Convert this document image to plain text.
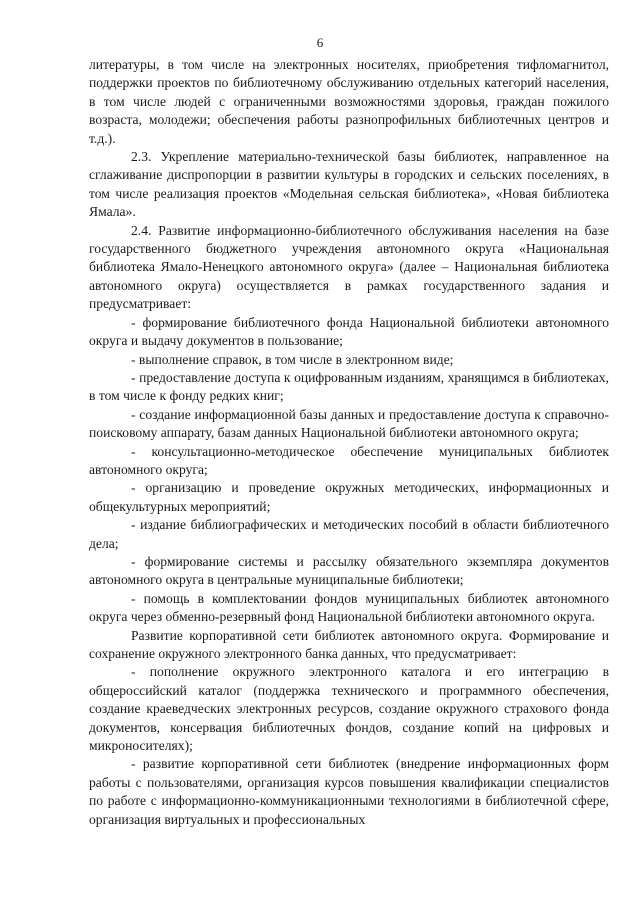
6

литературы, в том числе на электронных носителях, приобретения тифломагнитол, поддержки проектов по библиотечному обслуживанию отдельных категорий населения, в том числе людей с ограниченными возможностями здоровья, граждан пожилого возраста, молодежи; обеспечения работы разнопрофильных библиотечных центров и т.д.).

2.3. Укрепление материально-технической базы библиотек, направленное на сглаживание диспропорции в развитии культуры в городских и сельских поселениях, в том числе реализация проектов «Модельная сельская библиотека», «Новая библиотека Ямала».

2.4. Развитие информационно-библиотечного обслуживания населения на базе государственного бюджетного учреждения автономного округа «Национальная библиотека Ямало-Ненецкого автономного округа» (далее – Национальная библиотека автономного округа) осуществляется в рамках государственного задания и предусматривает:

- формирование библиотечного фонда Национальной библиотеки автономного округа и выдачу документов в пользование;

- выполнение справок, в том числе в электронном виде;

- предоставление доступа к оцифрованным изданиям, хранящимся в библиотеках, в том числе к фонду редких книг;

- создание информационной базы данных и предоставление доступа к справочно-поисковому аппарату, базам данных Национальной библиотеки автономного округа;

- консультационно-методическое обеспечение муниципальных библиотек автономного округа;

- организацию и проведение окружных методических, информационных и общекультурных мероприятий;

- издание библиографических и методических пособий в области библиотечного дела;

- формирование системы и рассылку обязательного экземпляра документов автономного округа в центральные муниципальные библиотеки;

- помощь в комплектовании фондов муниципальных библиотек автономного округа через обменно-резервный фонд Национальной библиотеки автономного округа.

Развитие корпоративной сети библиотек автономного округа. Формирование и сохранение окружного электронного банка данных, что предусматривает:

- пополнение окружного электронного каталога и его интеграцию в общероссийский каталог (поддержка технического и программного обеспечения, создание краеведческих электронных ресурсов, создание окружного страхового фонда документов, консервация библиотечных фондов, создание копий на цифровых и микроносителях);

- развитие корпоративной сети библиотек (внедрение информационных форм работы с пользователями, организация курсов повышения квалификации специалистов по работе с информационно-коммуникационными технологиями в библиотечной сфере, организация виртуальных и профессиональных
